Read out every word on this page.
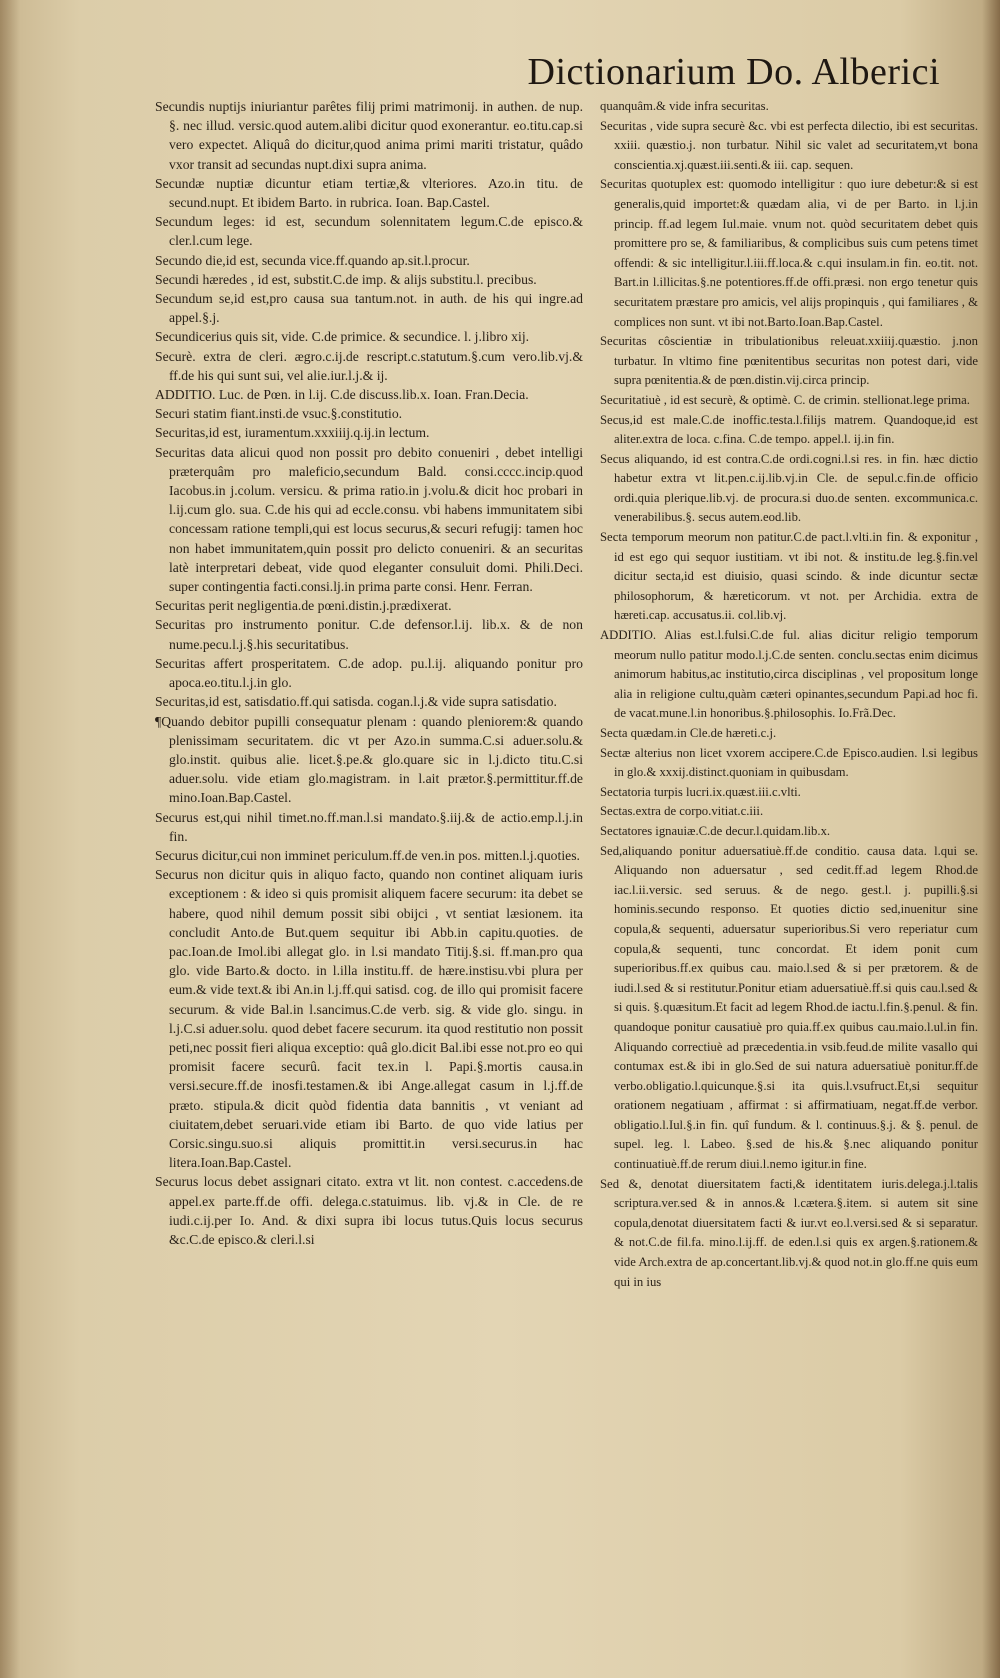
Dictionarium Do. Alberici

Secundis nuptijs iniuriantur parêtes filij primi matrimonij. in authen. de nup. §. nec illud. versic.quod autem.alibi dicitur quod exonerantur. eo.titu.cap.si vero expectet. Aliquâ do dicitur,quod anima primi mariti tristatur, quâdo vxor transit ad secundas nupt.dixi supra anima.

Secundæ nuptiæ dicuntur etiam tertiæ,& vlteriores. Azo.in titu. de secund.nupt. Et ibidem Barto. in rubrica. Ioan. Bap.Castel.

Secundum leges: id est, secundum solennitatem legum.C.de episco.& cler.l.cum lege.

Secundo die,id est, secunda vice.ff.quando ap.sit.l.procur.

Secundi hæredes , id est, substit.C.de imp. & alijs substitu.l. precibus.

Secundum se,id est,pro causa sua tantum.not. in auth. de his qui ingre.ad appel.§.j.

Secundicerius quis sit, vide. C.de primice. & secundice. l. j.libro xij.

Securè. extra de cleri. ægro.c.ij.de rescript.c.statutum.§.cum vero.lib.vj.& ff.de his qui sunt sui, vel alie.iur.l.j.& ij.

ADDITIO. Luc. de Pœn. in l.ij. C.de discuss.lib.x. Ioan. Fran.Decia.

Securi statim fiant.insti.de vsuc.§.constitutio.

Securitas,id est, iuramentum.xxxiiij.q.ij.in lectum.

Securitas data alicui quod non possit pro debito conueniri , debet intelligi præterquâm pro maleficio,secundum Bald. consi.cccc.incip.quod Iacobus.in j.colum. versicu. & prima ratio.in j.volu.& dicit hoc probari in l.ij.cum glo. sua. C.de his qui ad eccle.consu. vbi habens immunitatem sibi concessam ratione templi,qui est locus securus,& securi refugij: tamen hoc non habet immunitatem,quin possit pro delicto conueniri. & an securitas latè interpretari debeat, vide quod eleganter consuluit domi. Phili.Deci. super contingentia facti.consi.lj.in prima parte consi. Henr. Ferran.

Securitas perit negligentia.de pœni.distin.j.prædixerat.

Securitas pro instrumento ponitur. C.de defensor.l.ij. lib.x. & de non nume.pecu.l.j.§.his securitatibus.

Securitas affert prosperitatem. C.de adop. pu.l.ij. aliquando ponitur pro apoca.eo.titu.l.j.in glo.

Securitas,id est, satisdatio.ff.qui satisda. cogan.l.j.& vide supra satisdatio.

¶Quando debitor pupilli consequatur plenam : quando pleniorem:& quando plenissimam securitatem. dic vt per Azo.in summa.C.si aduer.solu.& glo.instit. quibus alie. licet.§.pe.& glo.quare sic in l.j.dicto titu.C.si aduer.solu. vide etiam glo.magistram. in l.ait prætor.§.permittitur.ff.de mino.Ioan.Bap.Castel.

Securus est,qui nihil timet.no.ff.man.l.si mandato.§.iij.& de actio.emp.l.j.in fin.

Securus dicitur,cui non imminet periculum.ff.de ven.in pos. mitten.l.j.quoties.

Securus non dicitur quis in aliquo facto, quando non continet aliquam iuris exceptionem : & ideo si quis promisit aliquem facere securum: ita debet se habere, quod nihil demum possit sibi obijci , vt sentiat læsionem. ita concludit Anto.de But.quem sequitur ibi Abb.in capitu.quoties. de pac.Ioan.de Imol.ibi allegat glo. in l.si mandato Titij.§.si. ff.man.pro qua glo. vide Barto.& docto. in l.illa institu.ff. de hære.instisu.vbi plura per eum.& vide text.& ibi An.in l.j.ff.qui satisd. cog. de illo qui promisit facere securum. & vide Bal.in l.sancimus.C.de verb. sig. & vide glo. singu. in l.j.C.si aduer.solu. quod debet facere securum. ita quod restitutio non possit peti,nec possit fieri aliqua exceptio: quâ glo.dicit Bal.ibi esse not.pro eo qui promisit facere securû. facit tex.in l. Papi.§.mortis causa.in versi.secure.ff.de inosfi.testamen.& ibi Ange.allegat casum in l.j.ff.de præto. stipula.& dicit quòd fidentia data bannitis , vt veniant ad ciuitatem,debet seruari.vide etiam ibi Barto. de quo vide latius per Corsic.singu.suo.si aliquis promittit.in versi.securus.in hac litera.Ioan.Bap.Castel.

Securus locus debet assignari citato. extra vt lit. non contest. c.accedens.de appel.ex parte.ff.de offi. delega.c.statuimus. lib. vj.& in Cle. de re iudi.c.ij.per Io. And. & dixi supra ibi locus tutus.Quis locus securus &c.C.de episco.& cleri.l.si

quanquâm.& vide infra securitas.

Securitas , vide supra securè &c. vbi est perfecta dilectio, ibi est securitas. xxiii. quæstio.j. non turbatur. Nihil sic valet ad securitatem,vt bona conscientia.xj.quæst.iii.senti.& iii. cap. sequen.

Securitas quotuplex est: quomodo intelligitur : quo iure debetur:& si est generalis,quid importet:& quædam alia, vi de per Barto. in l.j.in princip. ff.ad legem Iul.maie. vnum not. quòd securitatem debet quis promittere pro se, & familiaribus, & complicibus suis cum petens timet offendi: & sic intelligitur.l.iii.ff.loca.& c.qui insulam.in fin. eo.tit. not. Bart.in l.illicitas.§.ne potentiores.ff.de offi.præsi. non ergo tenetur quis securitatem præstare pro amicis, vel alijs propinquis , qui familiares , & complices non sunt. vt ibi not.Barto.Ioan.Bap.Castel.

Securitas côscientiæ in tribulationibus releuat.xxiiij.quæstio. j.non turbatur. In vltimo fine pœnitentibus securitas non potest dari, vide supra pœnitentia.& de pœn.distin.vij.circa princip.

Securitatiuè , id est securè, & optimè. C. de crimin. stellionat.lege prima.

Secus,id est male.C.de inoffic.testa.l.filijs matrem. Quandoque,id est aliter.extra de loca. c.fina. C.de tempo. appel.l. ij.in fin.

Secus aliquando, id est contra.C.de ordi.cogni.l.si res. in fin. hæc dictio habetur extra vt lit.pen.c.ij.lib.vj.in Cle. de sepul.c.fin.de officio ordi.quia plerique.lib.vj. de procura.si duo.de senten. excommunica.c. venerabilibus.§. secus autem.eod.lib.

Secta temporum meorum non patitur.C.de pact.l.vlti.in fin. & exponitur , id est ego qui sequor iustitiam. vt ibi not. & institu.de leg.§.fin.vel dicitur secta,id est diuisio, quasi scindo. & inde dicuntur sectæ philosophorum, & hæreticorum. vt not. per Archidia. extra de hæreti.cap. accusatus.ii. col.lib.vj.

ADDITIO. Alias est.l.fulsi.C.de ful. alias dicitur religio temporum meorum nullo patitur modo.l.j.C.de senten. conclu.sectas enim dicimus animorum habitus,ac institutio,circa disciplinas , vel propositum longe alia in religione cultu,quàm cæteri opinantes,secundum Papi.ad hoc fi. de vacat.mune.l.in honoribus.§.philosophis. Io.Frã.Dec.

Secta quædam.in Cle.de hæreti.c.j.

Sectæ alterius non licet vxorem accipere.C.de Episco.audien. l.si legibus in glo.& xxxij.distinct.quoniam in quibusdam.

Sectatoria turpis lucri.ix.quæst.iii.c.vlti.

Sectas.extra de corpo.vitiat.c.iii.

Sectatores ignauiæ.C.de decur.l.quidam.lib.x.

Sed,aliquando ponitur aduersatiuè.ff.de conditio. causa data. l.qui se. Aliquando non aduersatur , sed cedit.ff.ad legem Rhod.de iac.l.ii.versic. sed seruus. & de nego. gest.l. j. pupilli.§.si hominis.secundo responso. Et quoties dictio sed,inuenitur sine copula,& sequenti, aduersatur superioribus.Si vero reperiatur cum copula,& sequenti, tunc concordat. Et idem ponit cum superioribus.ff.ex quibus cau. maio.l.sed & si per prætorem. & de iudi.l.sed & si restitutur.Ponitur etiam aduersatiuè.ff.si quis cau.l.sed & si quis. §.quæsitum.Et facit ad legem Rhod.de iactu.l.fin.§.penul. & fin. quandoque ponitur causatiuè pro quia.ff.ex quibus cau.maio.l.ul.in fin. Aliquando correctiuè ad præcedentia.in vsib.feud.de milite vasallo qui contumax est.& ibi in glo.Sed de sui natura aduersatiuè ponitur.ff.de verbo.obligatio.l.quicunque.§.si ita quis.l.vsufruct.Et,si sequitur orationem negatiuam , affirmat : si affirmatiuam, negat.ff.de verbor. obligatio.l.Iul.§.in fin. quî fundum. & l. continuus.§.j. & §. penul. de supel. leg. l. Labeo. §.sed de his.& §.nec aliquando ponitur continuatiuè.ff.de rerum diui.l.nemo igitur.in fine.

Sed &, denotat diuersitatem facti,& identitatem iuris.delega.j.l.talis scriptura.ver.sed & in annos.& l.cætera.§.item. si autem sit sine copula,denotat diuersitatem facti & iur.vt eo.l.versi.sed & si separatur. & not.C.de fil.fa. mino.l.ij.ff. de eden.l.si quis ex argen.§.rationem.& vide Arch.extra de ap.concertant.lib.vj.& quod not.in glo.ff.ne quis eum qui in ius
